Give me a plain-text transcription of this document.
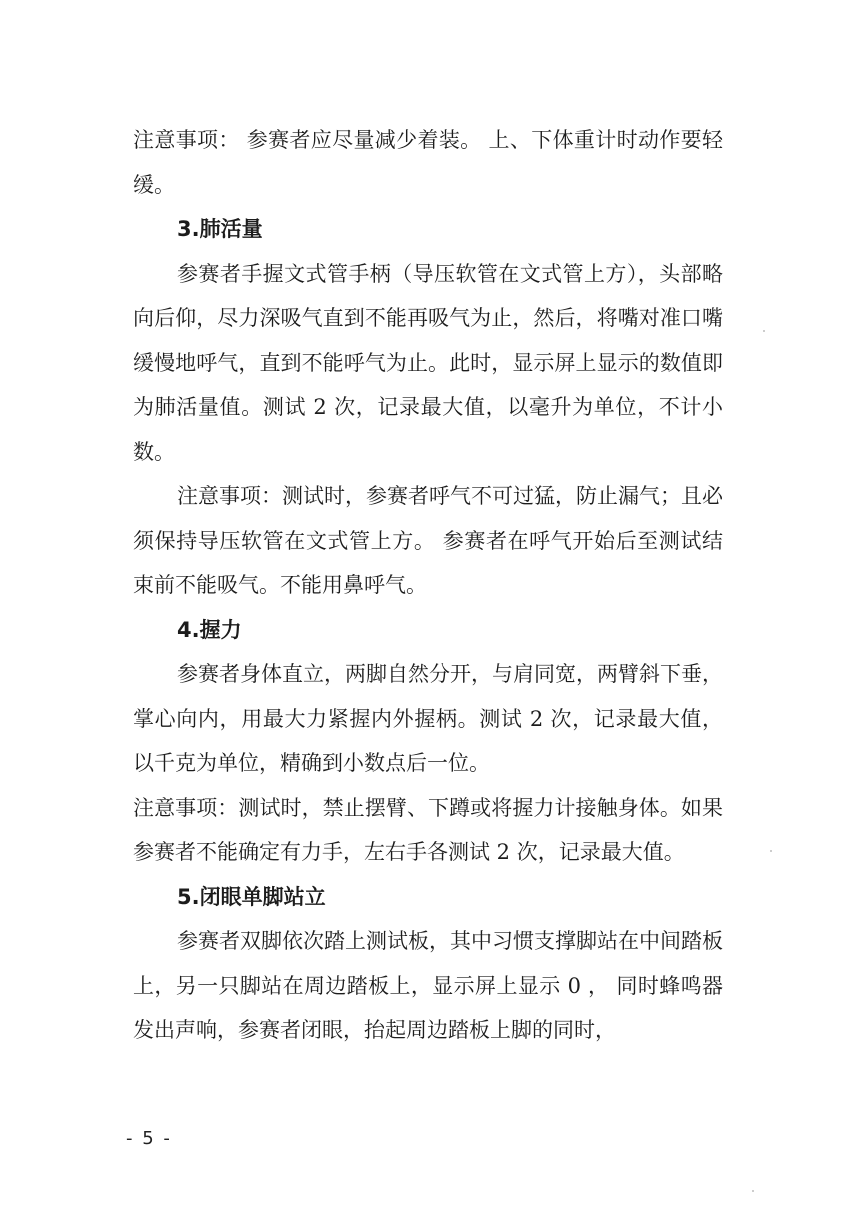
注意事项： 参赛者应尽量减少着装。 上、下体重计时动作要轻缓。

3.肺活量

参赛者手握文式管手柄（导压软管在文式管上方），头部略向后仰，尽力深吸气直到不能再吸气为止，然后，将嘴对准口嘴缓慢地呼气，直到不能呼气为止。此时，显示屏上显示的数值即为肺活量值。测试 2 次，记录最大值，以毫升为单位，不计小数。

注意事项：测试时，参赛者呼气不可过猛，防止漏气；且必须保持导压软管在文式管上方。 参赛者在呼气开始后至测试结束前不能吸气。不能用鼻呼气。

4.握力

参赛者身体直立，两脚自然分开，与肩同宽，两臂斜下垂，掌心向内，用最大力紧握内外握柄。测试 2 次，记录最大值，以千克为单位，精确到小数点后一位。

注意事项：测试时，禁止摆臂、下蹲或将握力计接触身体。如果参赛者不能确定有力手，左右手各测试 2 次，记录最大值。

5.闭眼单脚站立

参赛者双脚依次踏上测试板，其中习惯支撑脚站在中间踏板上，另一只脚站在周边踏板上，显示屏上显示 0 ， 同时蜂鸣器发出声响，参赛者闭眼，抬起周边踏板上脚的同时，

- 5 -
